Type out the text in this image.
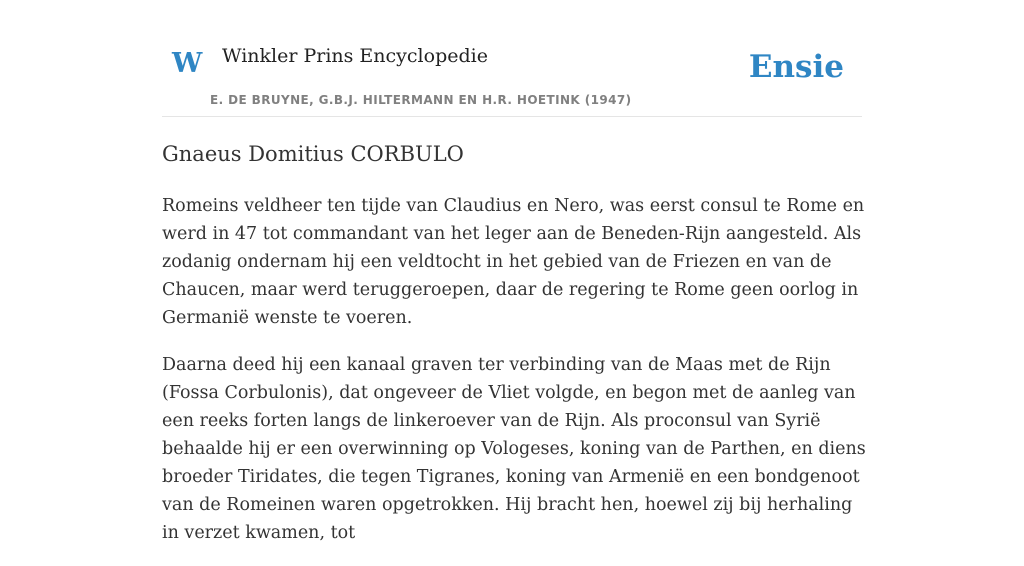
W Winkler Prins Encyclopedie
E. DE BRUYNE, G.B.J. HILTERMANN EN H.R. HOETINK (1947)
Ensie
Gnaeus Domitius CORBULO

Romeins veldheer ten tijde van Claudius en Nero, was eerst consul te Rome en werd in 47 tot commandant van het leger aan de Beneden-Rijn aangesteld. Als zodanig ondernam hij een veldtocht in het gebied van de Friezen en van de Chaucen, maar werd teruggeroepen, daar de regering te Rome geen oorlog in Germanië wenste te voeren.

Daarna deed hij een kanaal graven ter verbinding van de Maas met de Rijn (Fossa Corbulonis), dat ongeveer de Vliet volgde, en begon met de aanleg van een reeks forten langs de linkeroever van de Rijn. Als proconsul van Syrië behaalde hij er een overwinning op Vologeses, koning van de Parthen, en diens broeder Tiridates, die tegen Tigranes, koning van Armenië en een bondgenoot van de Romeinen waren opgetrokken. Hij bracht hen, hoewel zij bij herhaling in verzet kwamen, tot
